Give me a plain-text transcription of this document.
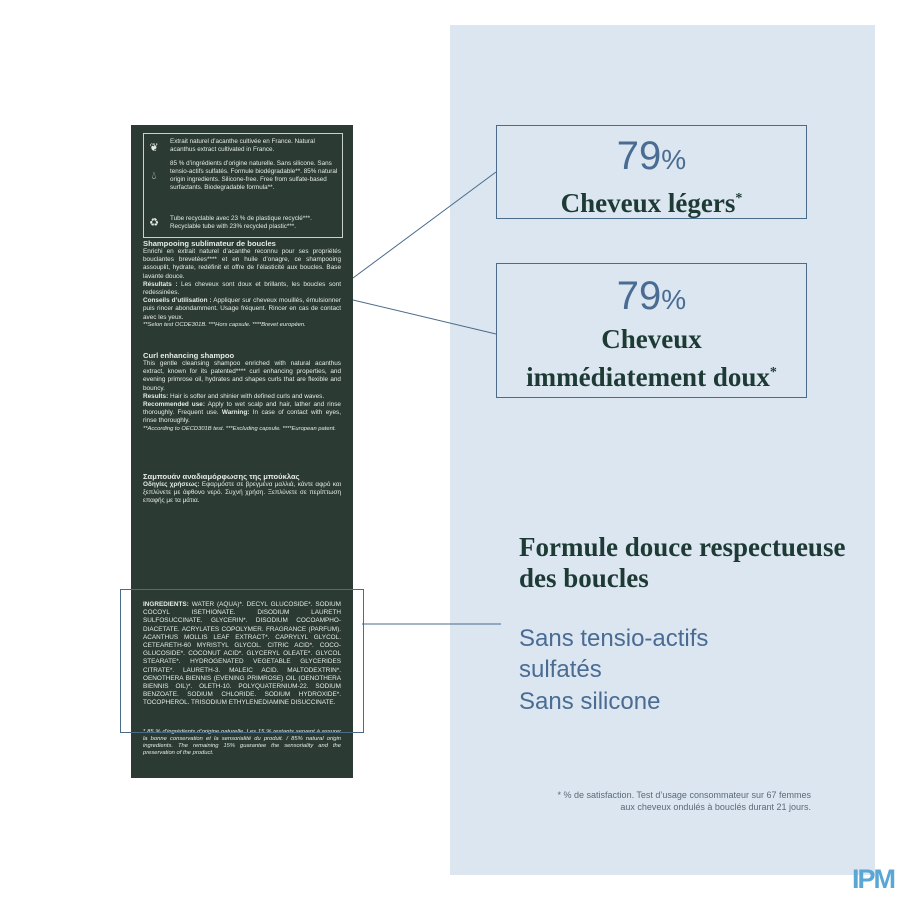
❦
Extrait naturel d’acanthe cultivée en France. Natural acanthus extract cultivated in France.
💧︎
85 % d’ingrédients d’origine naturelle. Sans silicone. Sans tensio-actifs sulfatés. Formule biodégradable**. 85% natural origin ingredients. Silicone-free. Free from sulfate-based surfactants. Biodegradable formula**.
♻	Tube recyclable avec 23 % de plastique recyclé***. Recyclable tube with 23% recycled plastic***.
Shampooing sublimateur de boucles
Enrichi en extrait naturel d’acanthe reconnu pour ses propriétés bouclantes brevetées**** et en huile d’onagre, ce shampooing assouplit, hydrate, redéfinit et offre de l’élasticité aux boucles. Base lavante douce.
Résultats : Les cheveux sont doux et brillants, les boucles sont redessinées.
Conseils d’utilisation : Appliquer sur cheveux mouillés, émulsionner puis rincer abondamment. Usage fréquent. Rincer en cas de contact avec les yeux.
**Selon test OCDE301B. ***Hors capsule. ****Brevet européen.
Curl enhancing shampoo
This gentle cleansing shampoo enriched with natural acanthus extract, known for its patented**** curl enhancing properties, and evening primrose oil, hydrates and shapes curls that are flexible and bouncy.
Results: Hair is softer and shinier with defined curls and waves.
Recommended use: Apply to wet scalp and hair, lather and rinse thoroughly. Frequent use. Warning: In case of contact with eyes, rinse thoroughly.
**According to OECD301B test. ***Excluding capsule. ****European patent.
Σαμπουάν αναδιαμόρφωσης της μπούκλας
Οδηγίες χρήσεως: Εφαρμόστε σε βρεγμένα μαλλιά, κάντε αφρό και ξεπλύνετε με άφθονο νερό. Συχνή χρήση. Ξεπλύνετε σε περίπτωση επαφής με τα μάτια.
INGREDIENTS: WATER (AQUA)*. DECYL GLUCOSIDE*. SODIUM COCOYL ISETHIONATE. DISODIUM LAURETH SULFOSUCCINATE. GLYCERIN*. DISODIUM COCOAMPHO-DIACETATE. ACRYLATES COPOLYMER. FRAGRANCE (PARFUM). ACANTHUS MOLLIS LEAF EXTRACT*. CAPRYLYL GLYCOL. CETEARETH-60 MYRISTYL GLYCOL. CITRIC ACID*. COCO-GLUCOSIDE*. COCONUT ACID*. GLYCERYL OLEATE*. GLYCOL STEARATE*. HYDROGENATED VEGETABLE GLYCERIDES CITRATE*. LAURETH-3. MALEIC ACID. MALTODEXTRIN*. OENOTHERA BIENNIS (EVENING PRIMROSE) OIL (OENOTHERA BIENNIS OIL)*. OLETH-10. POLYQUATERNIUM-22. SODIUM BENZOATE. SODIUM CHLORIDE. SODIUM HYDROXIDE*. TOCOPHEROL. TRISODIUM ETHYLENEDIAMINE DISUCCINATE.
* 85 % d’ingrédients d’origine naturelle. Les 15 % restants servent à assurer la bonne conservation et la sensorialité du produit. / 85% natural origin ingredients. The remaining 15% guarantee the sensoriality and the preservation of the product.
79%
Cheveux légers*
79%
Cheveux
immédiatement doux*
Formule douce respectueuse des boucles
Sans tensio-actifs sulfatés
Sans silicone
* % de satisfaction. Test d’usage consommateur sur 67 femmes
aux cheveux ondulés à bouclés durant 21 jours.
IPM
